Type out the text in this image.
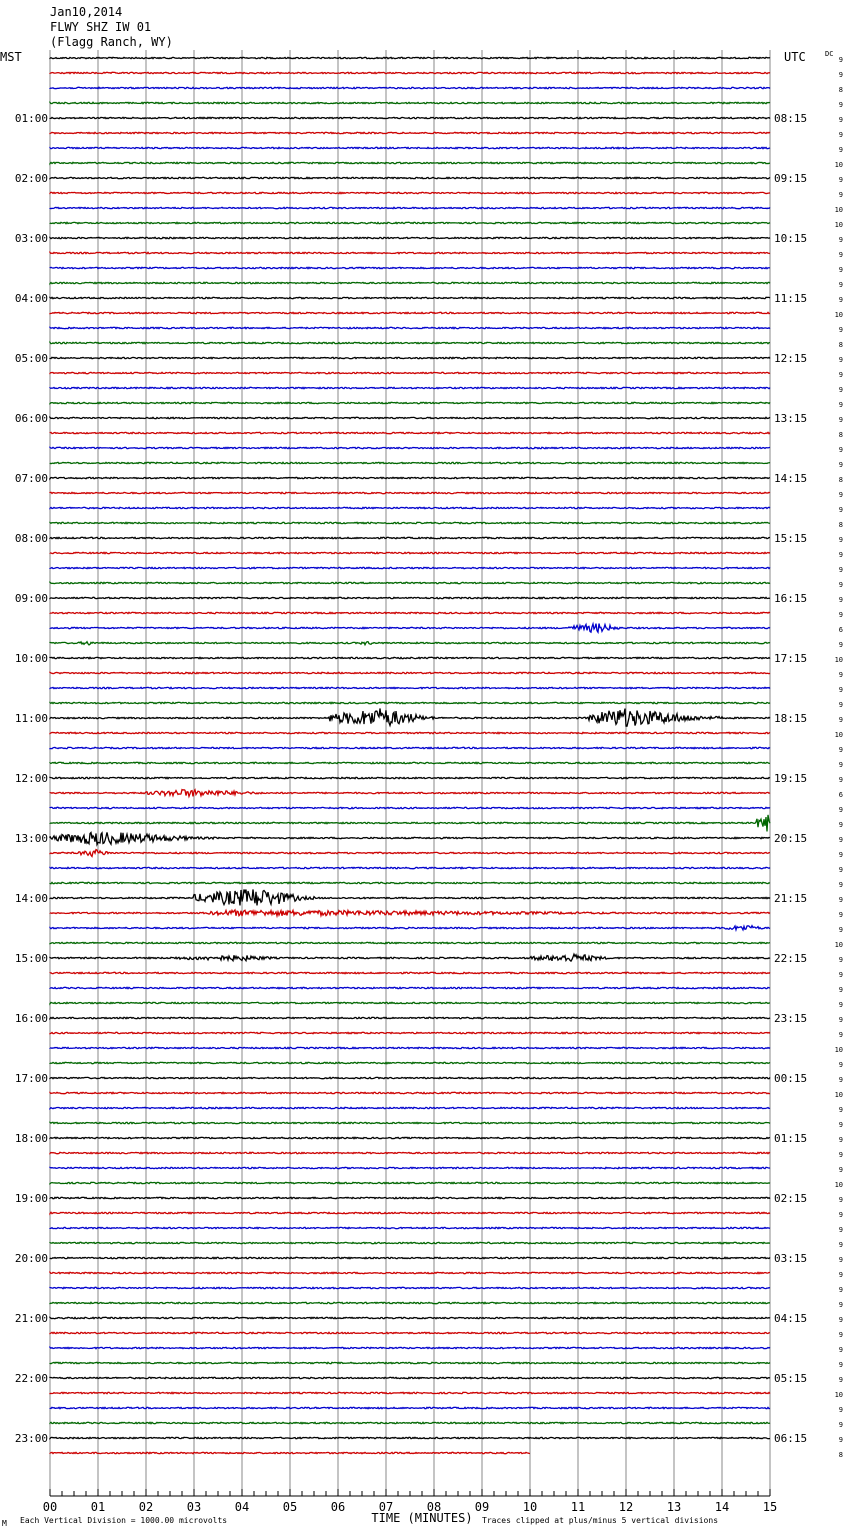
Jan10,2014
FLWY SHZ IW 01
(Flagg Ranch, WY)
MST	UTC	DC
01:00
02:00
03:00
04:00
05:00
06:00
07:00
08:00
09:00
10:00
11:00
12:00
13:00
14:00
15:00
16:00
17:00
18:00
19:00
20:00
21:00
22:00
23:00
08:15
09:15
10:15
11:15
12:15
13:15
14:15
15:15
16:15
17:15
18:15
19:15
20:15
21:15
22:15
23:15
00:15
01:15
02:15
03:15
04:15
05:15
06:15
9
9
8
9
9
9
9
10
9
9
10
10
9
9
9
9
9
10
9
8
9
9
9
9
9
8
9
9
8
9
9
8
9
9
9
9
9
9
6
9
10
9
9
9
9
10
9
9
9
6
9
9
9
9
9
9
9
9
9
10
9
9
9
9
9
9
10
9
9
10
9
9
9
9
9
10
9
9
9
9
9
9
9
9
9
9
9
9
9
10
9
9
9
8
00	01	02	03	04	05	06	07	08	09	10	11	12	13	14	15
TIME (MINUTES)
Each Vertical Division = 1000.00 microvolts	Traces clipped at plus/minus 5 vertical divisions
M
